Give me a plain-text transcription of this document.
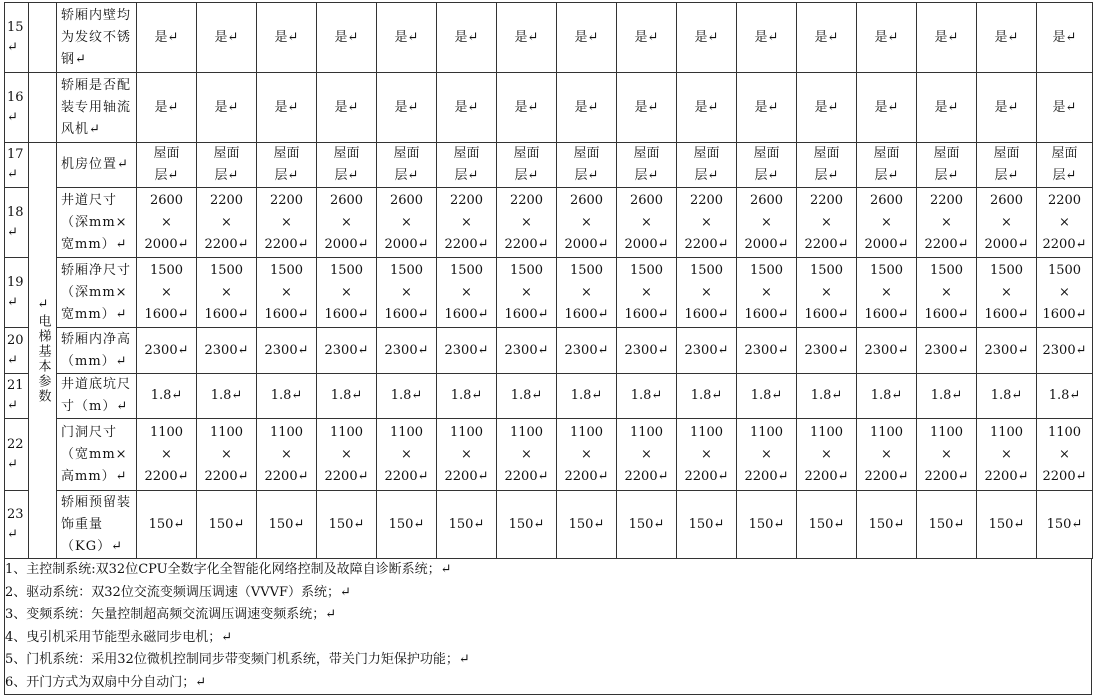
15↵		轿厢内壁均为发纹不锈钢↵	是↵	是↵	是↵	是↵	是↵	是↵	是↵	是↵	是↵	是↵	是↵	是↵	是↵	是↵	是↵	是↵
16↵		轿厢是否配装专用轴流风机↵	是↵	是↵	是↵	是↵	是↵	是↵	是↵	是↵	是↵	是↵	是↵	是↵	是↵	是↵	是↵	是↵
17↵	↵电梯基本参数	机房位置↵	屋面
层↵	屋面
层↵	屋面
层↵	屋面
层↵	屋面
层↵	屋面
层↵	屋面
层↵	屋面
层↵	屋面
层↵	屋面
层↵	屋面
层↵	屋面
层↵	屋面
层↵	屋面
层↵	屋面
层↵	屋面
层↵
18↵		井道尺寸（深mm×宽mm）↵	2600
×
2000↵	2200
×
2200↵	2200
×
2200↵	2600
×
2000↵	2600
×
2000↵	2200
×
2200↵	2200
×
2200↵	2600
×
2000↵	2600
×
2000↵	2200
×
2200↵	2600
×
2000↵	2200
×
2200↵	2600
×
2000↵	2200
×
2200↵	2600
×
2000↵	2200
×
2200↵
19↵		轿厢净尺寸（深mm×宽mm）↵	1500
×
1600↵	1500
×
1600↵	1500
×
1600↵	1500
×
1600↵	1500
×
1600↵	1500
×
1600↵	1500
×
1600↵	1500
×
1600↵	1500
×
1600↵	1500
×
1600↵	1500
×
1600↵	1500
×
1600↵	1500
×
1600↵	1500
×
1600↵	1500
×
1600↵	1500
×
1600↵
20↵		轿厢内净高（mm）↵	2300↵	2300↵	2300↵	2300↵	2300↵	2300↵	2300↵	2300↵	2300↵	2300↵	2300↵	2300↵	2300↵	2300↵	2300↵	2300↵
21↵		井道底坑尺寸（m）↵	1.8↵	1.8↵	1.8↵	1.8↵	1.8↵	1.8↵	1.8↵	1.8↵	1.8↵	1.8↵	1.8↵	1.8↵	1.8↵	1.8↵	1.8↵	1.8↵
22↵		门洞尺寸（宽mm×高mm）↵	1100
×
2200↵	1100
×
2200↵	1100
×
2200↵	1100
×
2200↵	1100
×
2200↵	1100
×
2200↵	1100
×
2200↵	1100
×
2200↵	1100
×
2200↵	1100
×
2200↵	1100
×
2200↵	1100
×
2200↵	1100
×
2200↵	1100
×
2200↵	1100
×
2200↵	1100
×
2200↵
23↵		轿厢预留装饰重量（KG）↵	150↵	150↵	150↵	150↵	150↵	150↵	150↵	150↵	150↵	150↵	150↵	150↵	150↵	150↵	150↵	150↵
1、主控制系统:双32位CPU全数字化全智能化网络控制及故障自诊断系统；↵
2、驱动系统：双32位交流变频调压调速（VVVF）系统；↵
3、变频系统：矢量控制超高频交流调压调速变频系统；↵
4、曳引机采用节能型永磁同步电机；↵
5、门机系统：采用32位微机控制同步带变频门机系统，带关门力矩保护功能；↵
6、开门方式为双扇中分自动门；↵
